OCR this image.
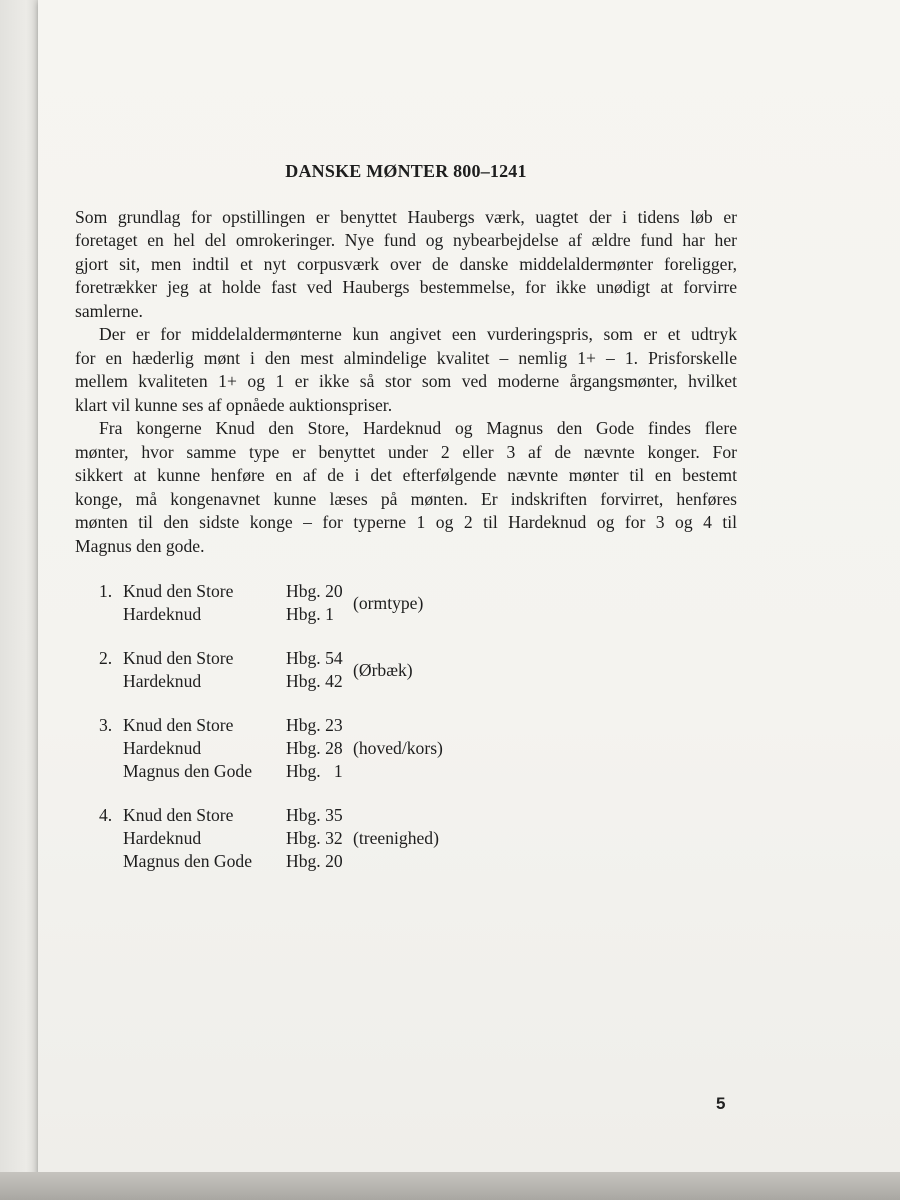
DANSKE MØNTER 800–1241

Som grundlag for opstillingen er benyttet Haubergs værk, uagtet der i tidens løb er
foretaget en hel del omrokeringer. Nye fund og nybearbejdelse af ældre fund har her
gjort sit, men indtil et nyt corpusværk over de danske middelaldermønter foreligger,
foretrækker jeg at holde fast ved Haubergs bestemmelse, for ikke unødigt at forvirre
samlerne.

Der er for middelaldermønterne kun angivet een vurderingspris, som er et udtryk
for en hæderlig mønt i den mest almindelige kvalitet – nemlig 1+ – 1. Prisforskelle
mellem kvaliteten 1+ og 1 er ikke så stor som ved moderne årgangsmønter, hvilket
klart vil kunne ses af opnåede auktionspriser.

Fra kongerne Knud den Store, Hardeknud og Magnus den Gode findes flere
mønter, hvor samme type er benyttet under 2 eller 3 af de nævnte konger. For
sikkert at kunne henføre en af de i det efterfølgende nævnte mønter til en bestemt
konge, må kongenavnet kunne læses på mønten. Er indskriften forvirret, henføres
mønten til den sidste konge – for typerne 1 og 2 til Hardeknud og for 3 og 4 til
Magnus den gode.

1. Knud den Store	Hbg. 20
Hardeknud	Hbg. 1
(ormtype)
2. Knud den Store	Hbg. 54
Hardeknud	Hbg. 42
(Ørbæk)
3. Knud den Store	Hbg. 23
Hardeknud	Hbg. 28 (hoved/kors)
Magnus den Gode Hbg.   1
4. Knud den Store	Hbg. 35
Hardeknud	Hbg. 32 (treenighed)
Magnus den Gode Hbg. 20
5
